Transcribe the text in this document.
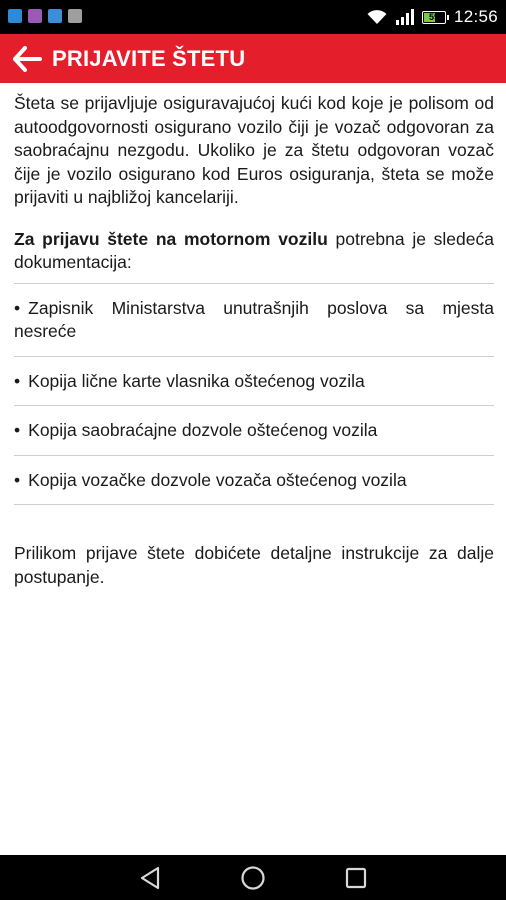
59 12:56
PRIJAVITE ŠTETU

Šteta se prijavljuje osiguravajućoj kući kod koje je polisom od autoodgovornosti osigurano vozilo čiji je vozač odgovoran za saobraćajnu nezgodu. Ukoliko je za štetu odgovoran vozač čije je vozilo osigurano kod Euros osiguranja, šteta se može prijaviti u najbližoj kancelariji.

Za prijavu štete na motornom vozilu potrebna je sledeća dokumentacija:

• Zapisnik Ministarstva unutrašnjih poslova sa mjesta nesreće
• Kopija lične karte vlasnika oštećenog vozila
• Kopija saobraćajne dozvole oštećenog vozila
• Kopija vozačke dozvole vozača oštećenog vozila

Prilikom prijave štete dobićete detaljne instrukcije za dalje postupanje.
